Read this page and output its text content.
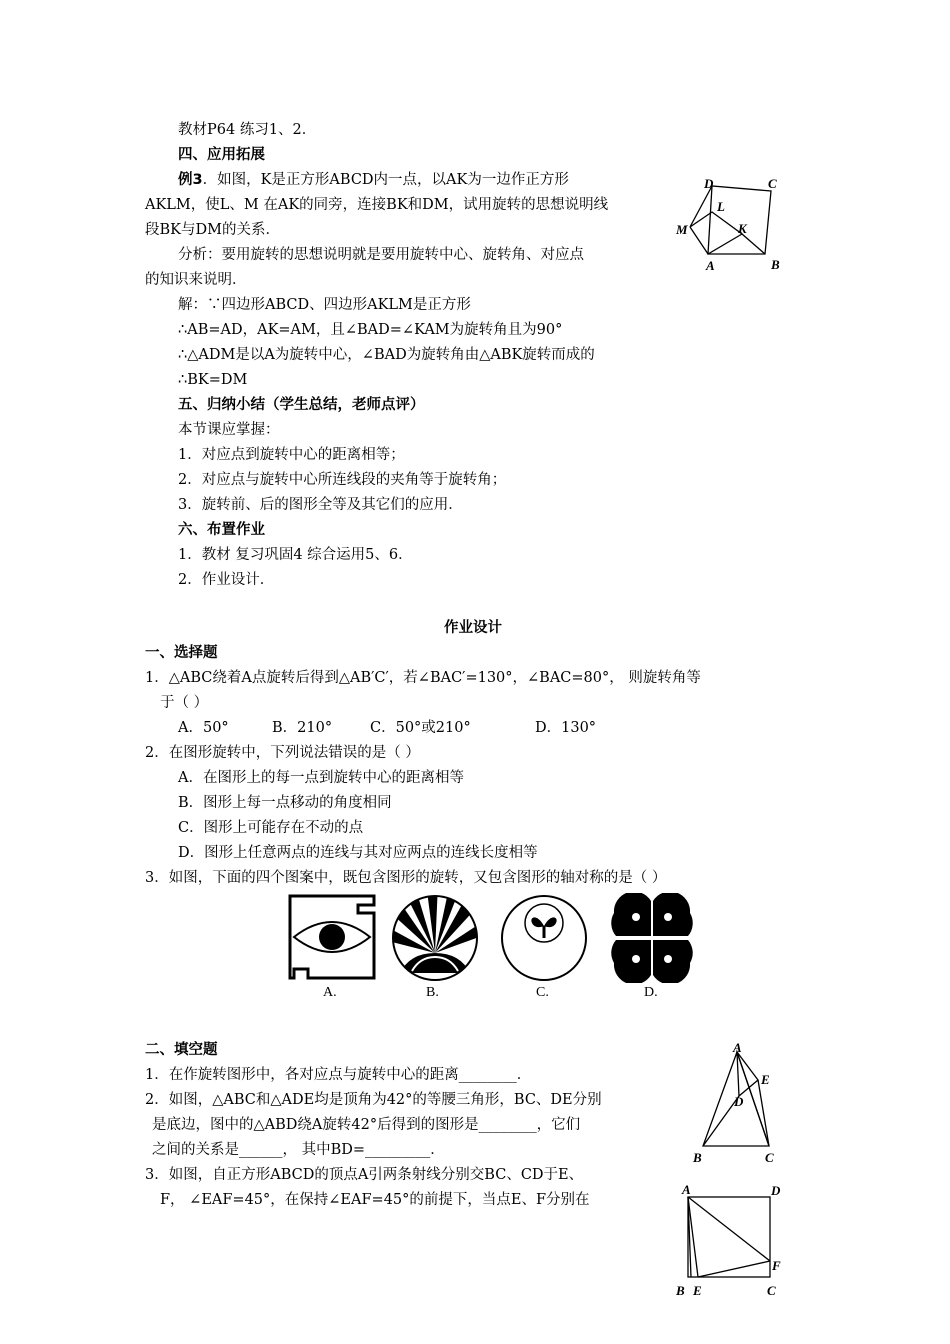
教材P64 练习1、2．
四、应用拓展
例3．如图，K是正方形ABCD内一点，以AK为一边作正方形
AKLM，使L、M 在AK的同旁，连接BK和DM，试用旋转的思想说明线
段BK与DM的关系．
分析：要用旋转的思想说明就是要用旋转中心、旋转角、对应点
的知识来说明．
解：∵四边形ABCD、四边形AKLM是正方形
∴AB=AD，AK=AM，且∠BAD=∠KAM为旋转角且为90°
∴△ADM是以A为旋转中心，∠BAD为旋转角由△ABK旋转而成的
∴BK=DM
五、归纳小结（学生总结，老师点评）
本节课应掌握：
1．对应点到旋转中心的距离相等；
2．对应点与旋转中心所连线段的夹角等于旋转角；
3．旋转前、后的图形全等及其它们的应用．
六、布置作业
1．教材 复习巩固4 综合运用5、6．
2．作业设计．
D	C
L
M	K
A	B
作业设计
一、选择题
1．△ABC绕着A点旋转后得到△AB′C′，若∠BAC′=130°，∠BAC=80°， 则旋转角等
于（ ）
A．50°	B．210°	C．50°或210°	D．130°
2．在图形旋转中，下列说法错误的是（ ）
A．在图形上的每一点到旋转中心的距离相等
B．图形上每一点移动的角度相同
C．图形上可能存在不动的点
D．图形上任意两点的连线与其对应两点的连线长度相等
3．如图，下面的四个图案中，既包含图形的旋转，又包含图形的轴对称的是（ ）
A.	B.	C.	D.
二、填空题
1．在作旋转图形中，各对应点与旋转中心的距离________．
2．如图，△ABC和△ADE均是顶角为42°的等腰三角形，BC、DE分别
是底边，图中的△ABD绕A旋转42°后得到的图形是________，它们
之间的关系是______， 其中BD=_________．
3．如图，自正方形ABCD的顶点A引两条射线分别交BC、CD于E、
F， ∠EAF=45°，在保持∠EAF=45°的前提下，当点E、F分别在
A
E
D
B	C
A	D
F
B E	C
